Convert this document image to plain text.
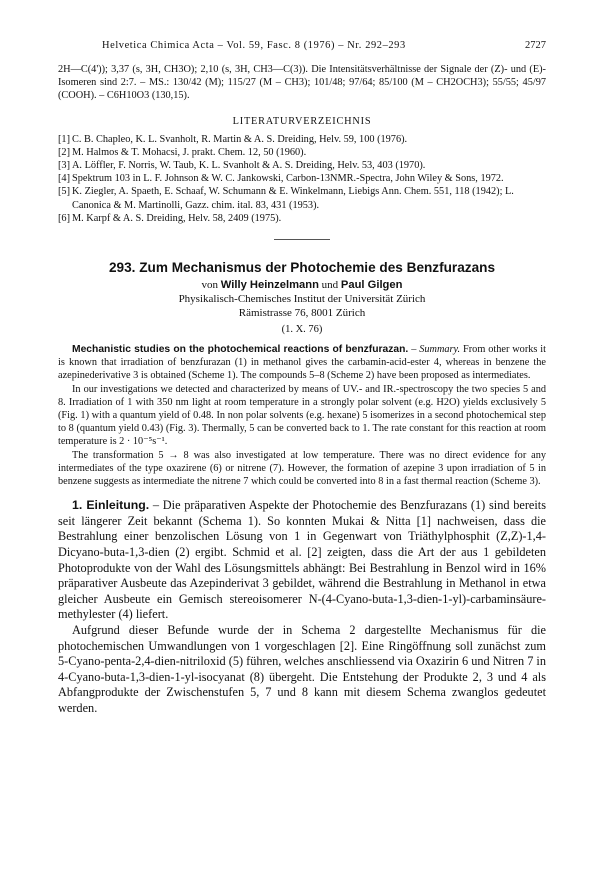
Helvetica Chimica Acta – Vol. 59, Fasc. 8 (1976) – Nr. 292–293	2727
2H—C(4')); 3,37 (s, 3H, CH3O); 2,10 (s, 3H, CH3—C(3)). Die Intensitätsverhältnisse der Signale der (Z)- und (E)-Isomeren sind 2:7. – MS.: 130/42 (M); 115/27 (M – CH3); 101/48; 97/64; 85/100 (M – CH2OCH3); 55/55; 45/97 (COOH). – C6H10O3 (130,15).
LITERATURVERZEICHNIS
[1] C. B. Chapleo, K. L. Svanholt, R. Martin & A. S. Dreiding, Helv. 59, 100 (1976).
[2] M. Halmos & T. Mohacsi, J. prakt. Chem. 12, 50 (1960).
[3] A. Löffler, F. Norris, W. Taub, K. L. Svanholt & A. S. Dreiding, Helv. 53, 403 (1970).
[4] Spektrum 103 in L. F. Johnson & W. C. Jankowski, Carbon-13NMR.-Spectra, John Wiley & Sons, 1972.
[5] K. Ziegler, A. Spaeth, E. Schaaf, W. Schumann & E. Winkelmann, Liebigs Ann. Chem. 551, 118 (1942); L. Canonica & M. Martinolli, Gazz. chim. ital. 83, 431 (1953).
[6] M. Karpf & A. S. Dreiding, Helv. 58, 2409 (1975).
293. Zum Mechanismus der Photochemie des Benzfurazans
von Willy Heinzelmann und Paul Gilgen
Physikalisch-Chemisches Institut der Universität Zürich
Rämistrasse 76, 8001 Zürich
(1. X. 76)

Mechanistic studies on the photochemical reactions of benzfurazan. – Summary. From other works it is known that irradiation of benzfurazan (1) in methanol gives the carbamin-acid-ester 4, whereas in benzene the azepinederivative 3 is obtained (Scheme 1). The compounds 5–8 (Scheme 2) have been proposed as intermediates.

In our investigations we detected and characterized by means of UV.- and IR.-spectroscopy the two species 5 and 8. Irradiation of 1 with 350 nm light at room temperature in a strongly polar solvent (e.g. H2O) yields exclusively 5 (Fig. 1) with a quantum yield of 0.48. In non polar solvents (e.g. hexane) 5 isomerizes in a second photochemical step to 8 (quantum yield 0.43) (Fig. 3). Thermally, 5 can be converted back to 1. The rate constant for this reaction at room temperature is 2 · 10⁻⁵s⁻¹.

The transformation 5 → 8 was also investigated at low temperature. There was no direct evidence for any intermediates of the type oxazirene (6) or nitrene (7). However, the formation of azepine 3 upon irradiation of 5 in benzene suggests as intermediate the nitrene 7 which could be converted into 8 in a fast thermal reaction (Scheme 3).

1. Einleitung. – Die präparativen Aspekte der Photochemie des Benzfurazans (1) sind bereits seit längerer Zeit bekannt (Schema 1). So konnten Mukai & Nitta [1] nachweisen, dass die Bestrahlung einer benzolischen Lösung von 1 in Gegenwart von Triäthylphosphit (Z,Z)-1,4-Dicyano-buta-1,3-dien (2) ergibt. Schmid et al. [2] zeigten, dass die Art der aus 1 gebildeten Photoprodukte von der Wahl des Lösungsmittels abhängt: Bei Bestrahlung in Benzol wird in 16% präparativer Ausbeute das Azepinderivat 3 gebildet, während die Bestrahlung in Methanol in etwa gleicher Ausbeute ein Gemisch stereoisomerer N-(4-Cyano-buta-1,3-dien-1-yl)-carbaminsäure-methylester (4) liefert.

Aufgrund dieser Befunde wurde der in Schema 2 dargestellte Mechanismus für die photochemischen Umwandlungen von 1 vorgeschlagen [2]. Eine Ringöffnung soll zunächst zum 5-Cyano-penta-2,4-dien-nitriloxid (5) führen, welches anschliessend via Oxazirin 6 und Nitren 7 in 4-Cyano-buta-1,3-dien-1-yl-isocyanat (8) übergeht. Die Entstehung der Produkte 2, 3 und 4 als Abfangprodukte der Zwischenstufen 5, 7 und 8 kann mit diesem Schema zwanglos gedeutet werden.
